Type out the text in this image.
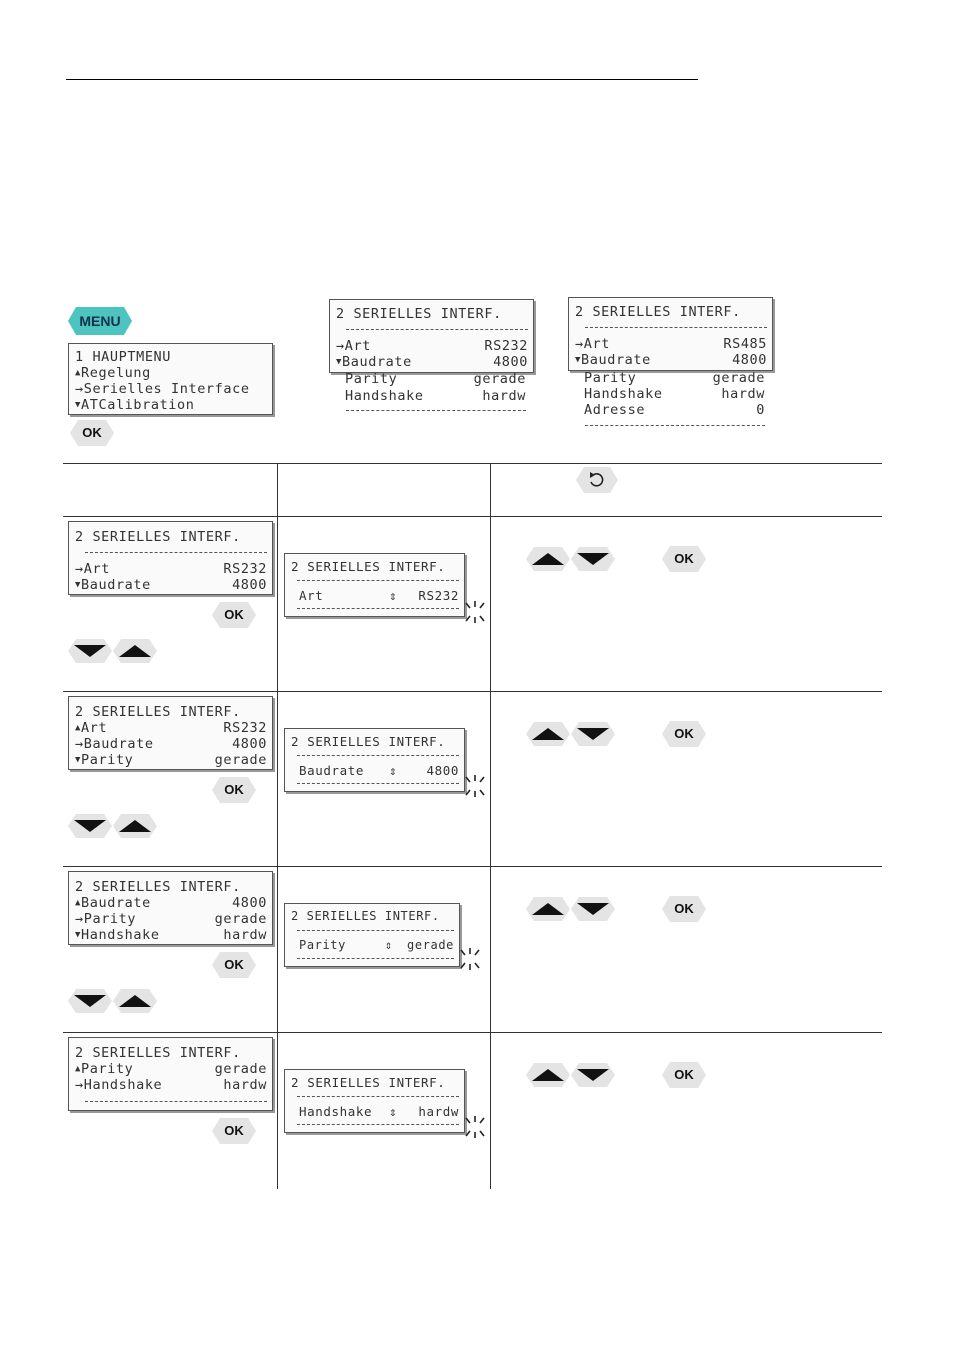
MENU
1 HAUPTMENU
▲Regelung
→Serielles Interface
▼ATCalibration
OK
2 SERIELLES INTERF.
→Art	RS232
▼Baudrate	4800
Parity	gerade
Handshake	hardw
2 SERIELLES INTERF.
→Art	RS485
▼Baudrate	4800
Parity	gerade
Handshake	hardw
Adresse	0
2 SERIELLES INTERF.
→Art	RS232
▼Baudrate	4800
OK
2 SERIELLES INTERF.
Art	⇕ RS232
OK
2 SERIELLES INTERF.
▲Art	RS232
→Baudrate	4800
▼Parity	gerade
OK
2 SERIELLES INTERF.
Baudrate ⇕ 4800
OK
2 SERIELLES INTERF.
▲Baudrate	4800
→Parity	gerade
▼Handshake	hardw
OK
2 SERIELLES INTERF.
Parity	⇕ gerade
OK
2 SERIELLES INTERF.
▲Parity	gerade
→Handshake	hardw
OK
2 SERIELLES INTERF.
Handshake ⇕ hardw
OK
